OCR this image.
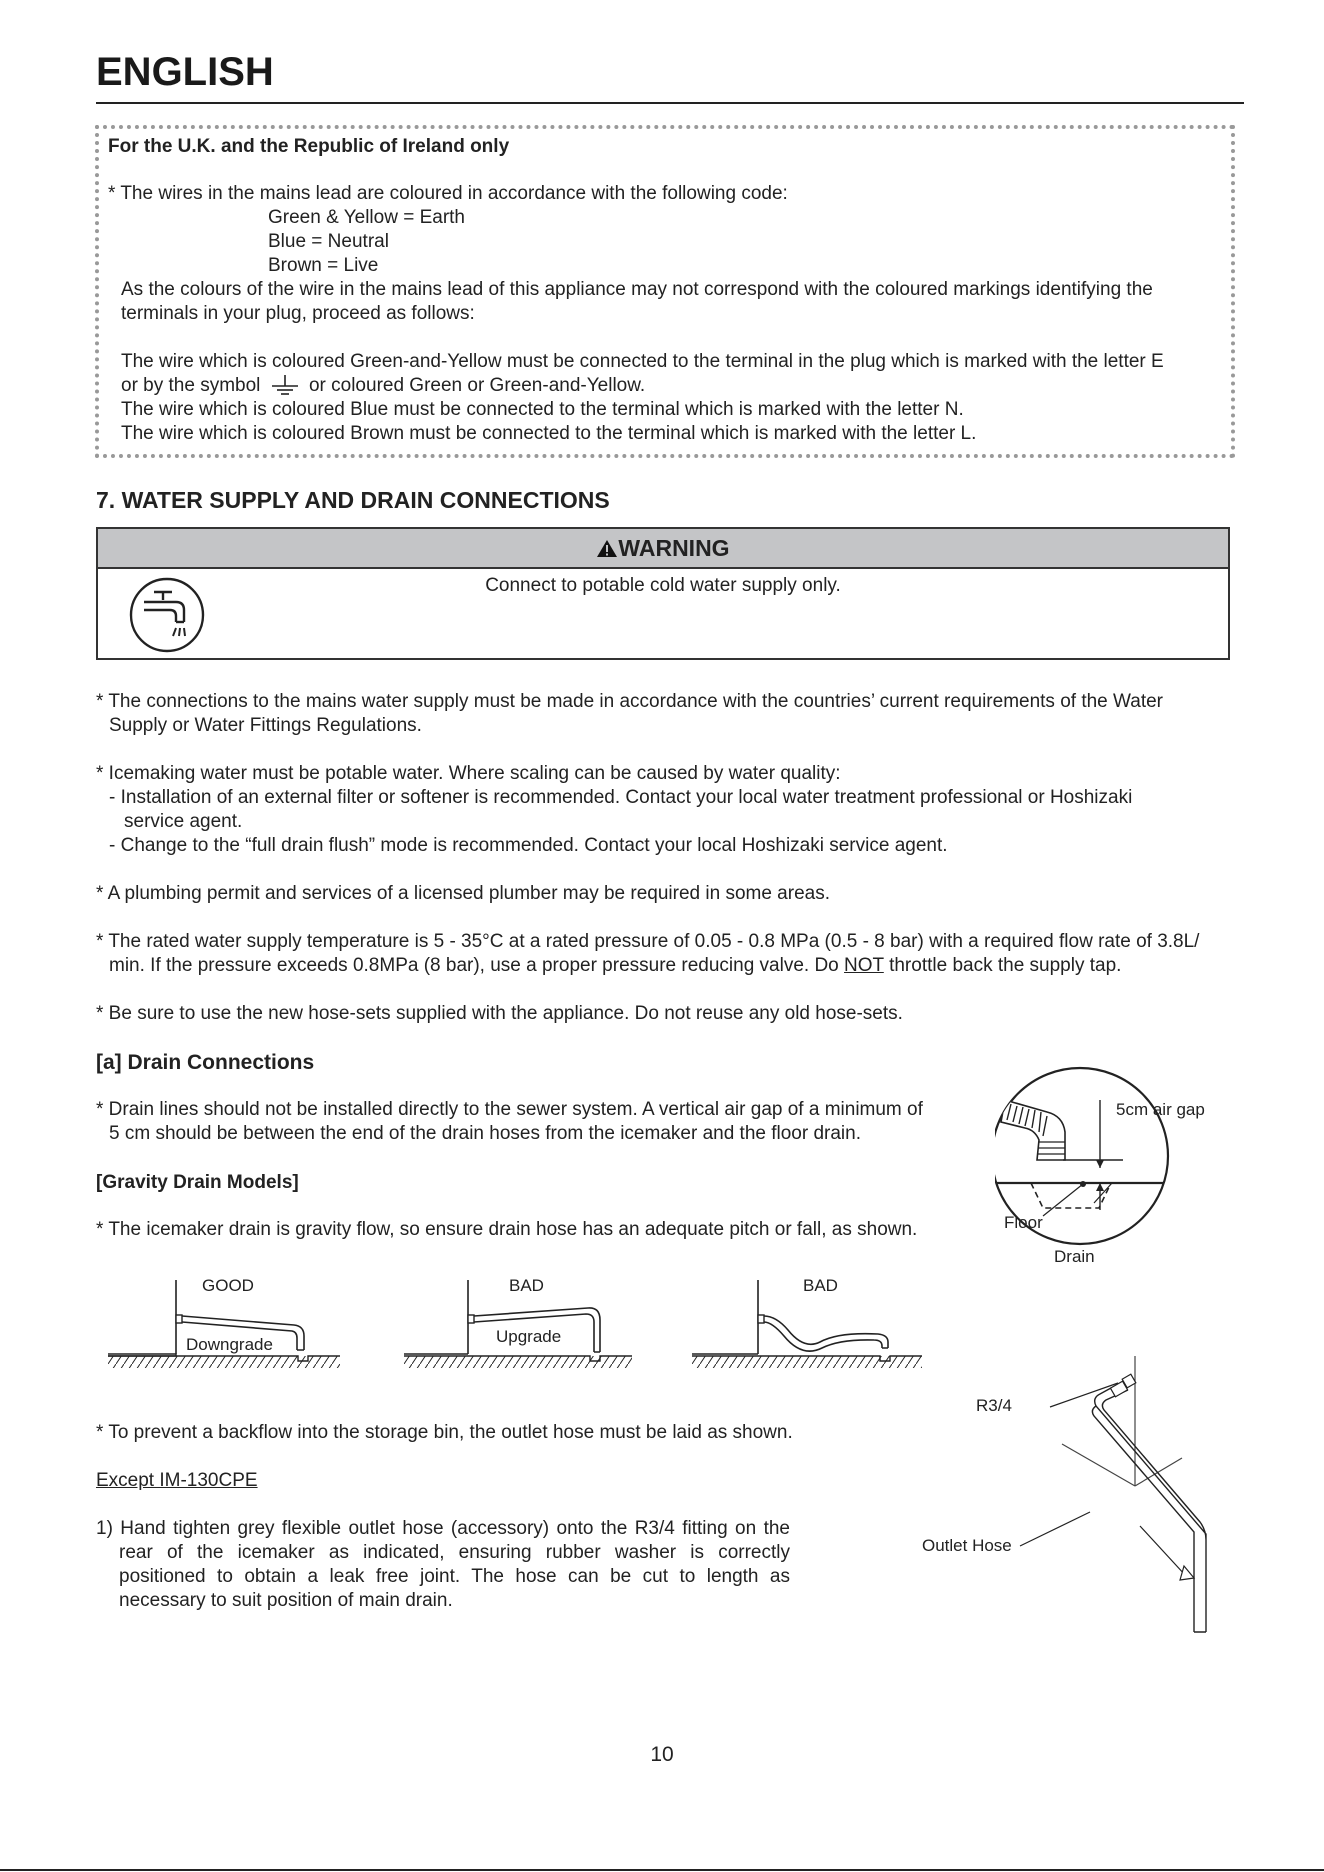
ENGLISH
For the U.K. and the Republic of Ireland only
* The wires in the mains lead are coloured in accordance with the following code:
Green & Yellow = Earth
Blue = Neutral
Brown = Live
As the colours of the wire in the mains lead of this appliance may not correspond with the coloured markings identifying the
terminals in your plug, proceed as follows:
The wire which is coloured Green-and-Yellow must be connected to the terminal in the plug which is marked with the letter E
or by the symbol	or coloured Green or Green-and-Yellow.
The wire which is coloured Blue must be connected to the terminal which is marked with the letter N.
The wire which is coloured Brown must be connected to the terminal which is marked with the letter L.
7. WATER SUPPLY AND DRAIN CONNECTIONS
WARNING
Connect to potable cold water supply only.
* The connections to the mains water supply must be made in accordance with the countries’ current requirements of the Water
Supply or Water Fittings Regulations.
* Icemaking water must be potable water. Where scaling can be caused by water quality:
- Installation of an external filter or softener is recommended. Contact your local water treatment professional or Hoshizaki
service agent.
- Change to the “full drain flush” mode is recommended. Contact your local Hoshizaki service agent.
* A plumbing permit and services of a licensed plumber may be required in some areas.
* The rated water supply temperature is 5 - 35°C at a rated pressure of 0.05 - 0.8 MPa (0.5 - 8 bar) with a required flow rate of 3.8L/
min. If the pressure exceeds 0.8MPa (8 bar), use a proper pressure reducing valve. Do NOT throttle back the supply tap.
* Be sure to use the new hose-sets supplied with the appliance. Do not reuse any old hose-sets.
[a] Drain Connections
* Drain lines should not be installed directly to the sewer system. A vertical air gap of a minimum of
5 cm should be between the end of the drain hoses from the icemaker and the floor drain.
[Gravity Drain Models]
* The icemaker drain is gravity flow, so ensure drain hose has an adequate pitch or fall, as shown.
5cm air gap
Floor
Drain
GOOD
Downgrade
BAD
Upgrade
BAD
* To prevent a backflow into the storage bin, the outlet hose must be laid as shown.
Except IM-130CPE
1) Hand tighten grey flexible outlet hose (accessory) onto the R3/4 fitting on the rear of the icemaker as indicated, ensuring rubber washer is correctly positioned to obtain a leak free joint. The hose can be cut to length as necessary to suit position of main drain.
R3/4
Outlet Hose
10
